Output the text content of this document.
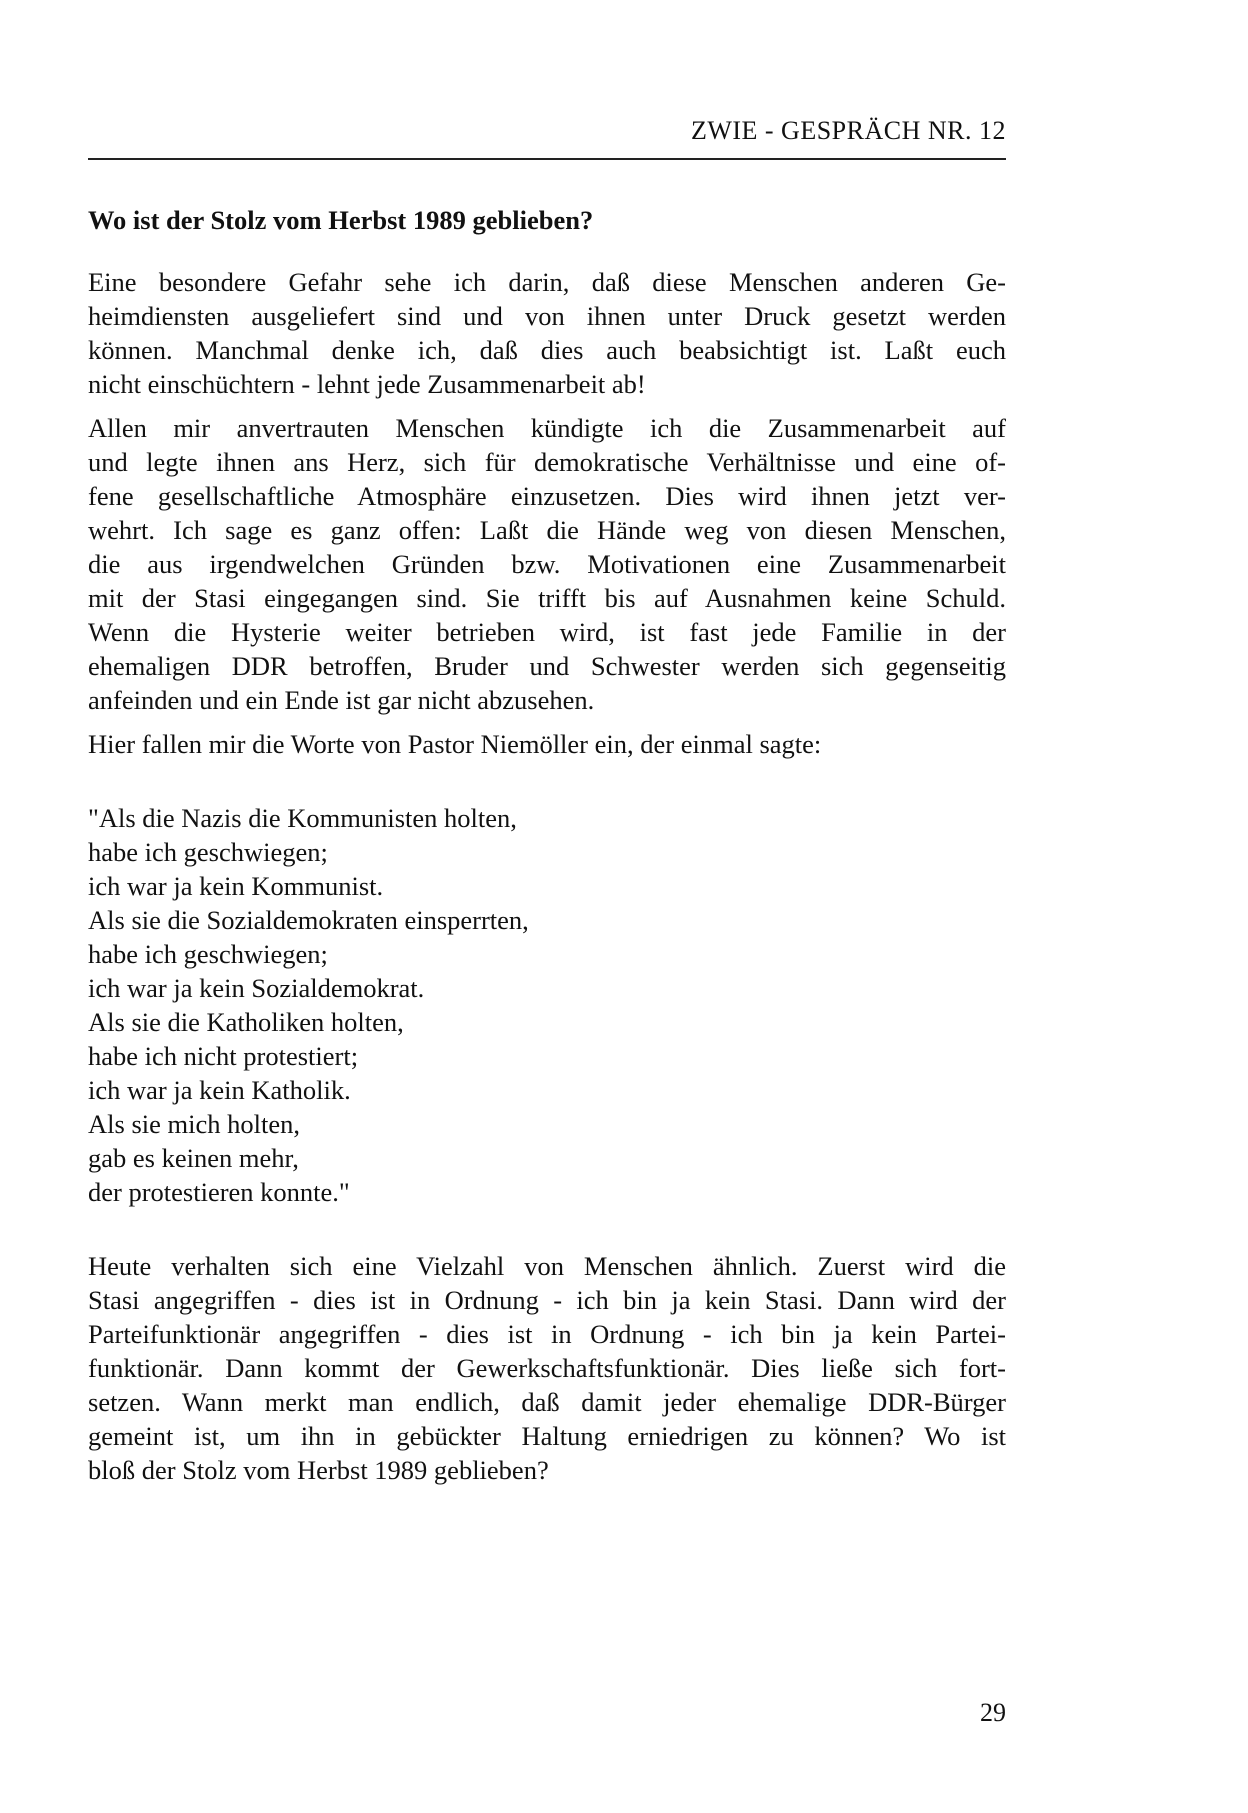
ZWIE - GESPRÄCH NR. 12
Wo ist der Stolz vom Herbst 1989 geblieben?
Eine besondere Gefahr sehe ich darin, daß diese Menschen anderen Ge-
heimdiensten ausgeliefert sind und von ihnen unter Druck gesetzt werden
können. Manchmal denke ich, daß dies auch beabsichtigt ist. Laßt euch
nicht einschüchtern - lehnt jede Zusammenarbeit ab!
Allen mir anvertrauten Menschen kündigte ich die Zusammenarbeit auf
und legte ihnen ans Herz, sich für demokratische Verhältnisse und eine of-
fene gesellschaftliche Atmosphäre einzusetzen. Dies wird ihnen jetzt ver-
wehrt. Ich sage es ganz offen: Laßt die Hände weg von diesen Menschen,
die aus irgendwelchen Gründen bzw. Motivationen eine Zusammenarbeit
mit der Stasi eingegangen sind. Sie trifft bis auf Ausnahmen keine Schuld.
Wenn die Hysterie weiter betrieben wird, ist fast jede Familie in der
ehemaligen DDR betroffen, Bruder und Schwester werden sich gegenseitig
anfeinden und ein Ende ist gar nicht abzusehen.
Hier fallen mir die Worte von Pastor Niemöller ein, der einmal sagte:
"Als die Nazis die Kommunisten holten,
habe ich geschwiegen;
ich war ja kein Kommunist.
Als sie die Sozialdemokraten einsperrten,
habe ich geschwiegen;
ich war ja kein Sozialdemokrat.
Als sie die Katholiken holten,
habe ich nicht protestiert;
ich war ja kein Katholik.
Als sie mich holten,
gab es keinen mehr,
der protestieren konnte."
Heute verhalten sich eine Vielzahl von Menschen ähnlich. Zuerst wird die
Stasi angegriffen - dies ist in Ordnung - ich bin ja kein Stasi. Dann wird der
Parteifunktionär angegriffen - dies ist in Ordnung - ich bin ja kein Partei-
funktionär. Dann kommt der Gewerkschaftsfunktionär. Dies ließe sich fort-
setzen. Wann merkt man endlich, daß damit jeder ehemalige DDR-Bürger
gemeint ist, um ihn in gebückter Haltung erniedrigen zu können? Wo ist
bloß der Stolz vom Herbst 1989 geblieben?
29
